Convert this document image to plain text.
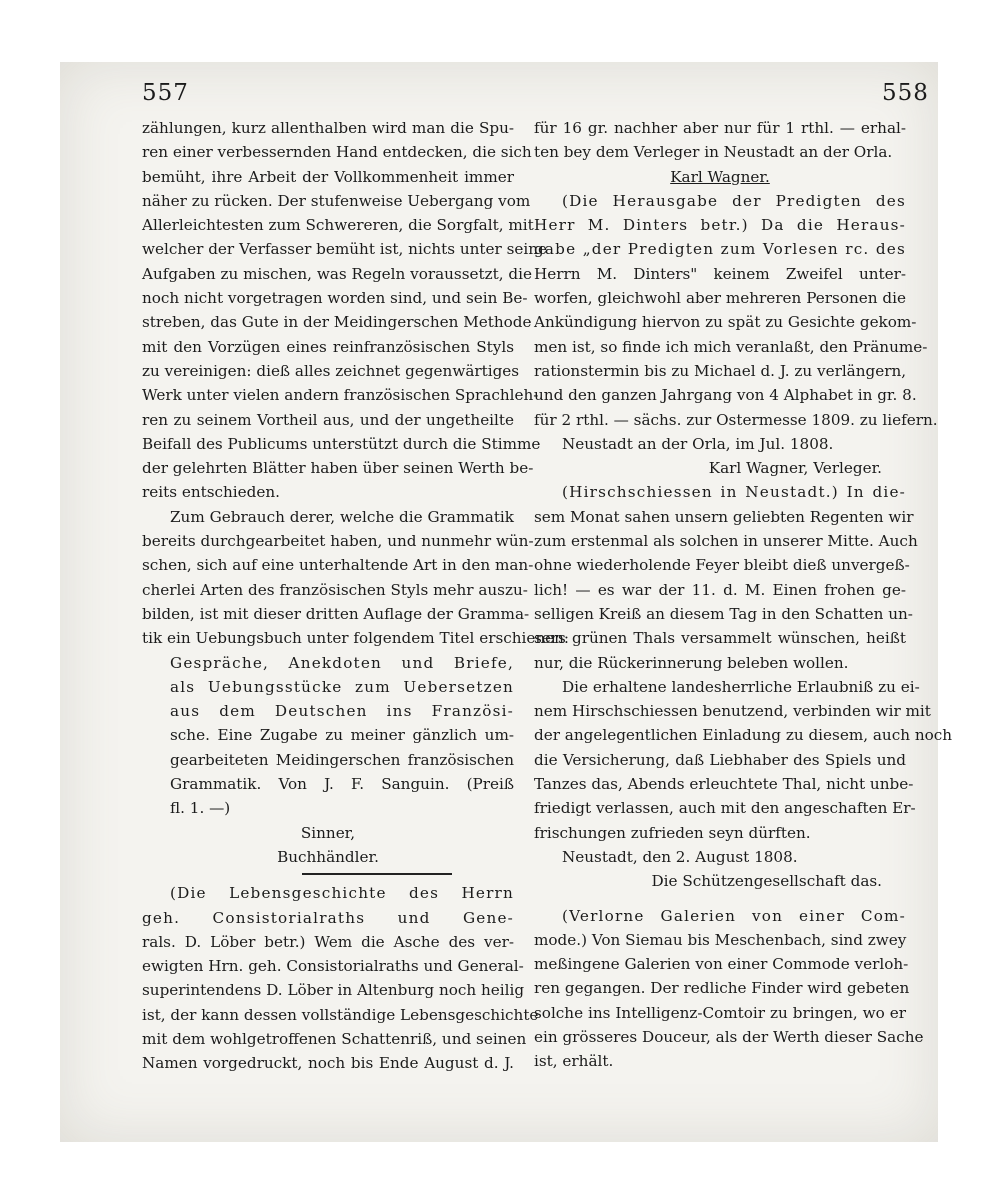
557	558
zählungen, kurz allenthalben wird man die Spu-
ren einer verbessernden Hand entdecken, die sich
bemüht, ihre Arbeit der Vollkommenheit immer
näher zu rücken. Der stufenweise Uebergang vom
Allerleichtesten zum Schwereren, die Sorgfalt, mit
welcher der Verfasser bemüht ist, nichts unter seine
Aufgaben zu mischen, was Regeln voraussetzt, die
noch nicht vorgetragen worden sind, und sein Be-
streben, das Gute in der Meidingerschen Methode
mit den Vorzügen eines reinfranzösischen Styls
zu vereinigen: dieß alles zeichnet gegenwärtiges
Werk unter vielen andern französischen Sprachleh-
ren zu seinem Vortheil aus, und der ungetheilte
Beifall des Publicums unterstützt durch die Stimme
der gelehrten Blätter haben über seinen Werth be-
reits entschieden.
Zum Gebrauch derer, welche die Grammatik
bereits durchgearbeitet haben, und nunmehr wün-
schen, sich auf eine unterhaltende Art in den man-
cherlei Arten des französischen Styls mehr auszu-
bilden, ist mit dieser dritten Auflage der Gramma-
tik ein Uebungsbuch unter folgendem Titel erschienen:
Gespräche, Anekdoten und Briefe,
als Uebungsstücke zum Uebersetzen
aus dem Deutschen ins Französi-
sche. Eine Zugabe zu meiner gänzlich um-
gearbeiteten Meidingerschen französischen
Grammatik. Von J. F. Sanguin. (Preiß
fl. 1. —)
Sinner,
Buchhändler.
(Die Lebensgeschichte des Herrn
geh. Consistorialraths und Gene-
rals. D. Löber betr.) Wem die Asche des ver-
ewigten Hrn. geh. Consistorialraths und General-
superintendens D. Löber in Altenburg noch heilig
ist, der kann dessen vollständige Lebensgeschichte
mit dem wohlgetroffenen Schattenriß, und seinen
Namen vorgedruckt, noch bis Ende August d. J.
für 16 gr. nachher aber nur für 1 rthl. — erhal-
ten bey dem Verleger in Neustadt an der Orla.
Karl Wagner.
(Die Herausgabe der Predigten des
Herr M. Dinters betr.) Da die Heraus-
gabe „der Predigten zum Vorlesen rc. des
Herrn M. Dinters" keinem Zweifel unter-
worfen, gleichwohl aber mehreren Personen die
Ankündigung hiervon zu spät zu Gesichte gekom-
men ist, so finde ich mich veranlaßt, den Pränume-
rationstermin bis zu Michael d. J. zu verlängern,
und den ganzen Jahrgang von 4 Alphabet in gr. 8.
für 2 rthl. — sächs. zur Ostermesse 1809. zu liefern.
Neustadt an der Orla, im Jul. 1808.
Karl Wagner, Verleger.
(Hirschschiessen in Neustadt.) In die-
sem Monat sahen unsern geliebten Regenten wir
zum erstenmal als solchen in unserer Mitte. Auch
ohne wiederholende Feyer bleibt dieß unvergeß-
lich! — es war der 11. d. M. Einen frohen ge-
selligen Kreiß an diesem Tag in den Schatten un-
sers grünen Thals versammelt wünschen, heißt
nur, die Rückerinnerung beleben wollen.
Die erhaltene landesherrliche Erlaubniß zu ei-
nem Hirschschiessen benutzend, verbinden wir mit
der angelegentlichen Einladung zu diesem, auch noch
die Versicherung, daß Liebhaber des Spiels und
Tanzes das, Abends erleuchtete Thal, nicht unbe-
friedigt verlassen, auch mit den angeschaften Er-
frischungen zufrieden seyn dürften.
Neustadt, den 2. August 1808.
Die Schützengesellschaft das.
(Verlorne Galerien von einer Com-
mode.) Von Siemau bis Meschenbach, sind zwey
meßingene Galerien von einer Commode verloh-
ren gegangen. Der redliche Finder wird gebeten
solche ins Intelligenz-Comtoir zu bringen, wo er
ein grösseres Douceur, als der Werth dieser Sache
ist, erhält.
